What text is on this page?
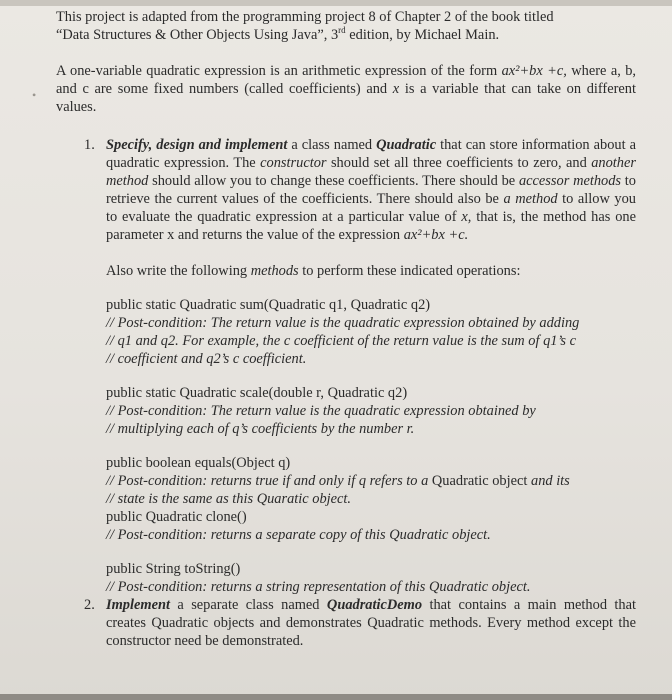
•

This project is adapted from the programming project 8 of Chapter 2 of the book titled
“Data Structures & Other Objects Using Java”, 3rd edition, by Michael Main.

A one-variable quadratic expression is an arithmetic expression of the form ax²+bx +c, where a, b, and c are some fixed numbers (called coefficients) and x is a variable that can take on different values.

1. Specify, design and implement a class named Quadratic that can store information about a quadratic expression. The constructor should set all three coefficients to zero, and another method should allow you to change these coefficients. There should be accessor methods to retrieve the current values of the coefficients. There should also be a method to allow you to evaluate the quadratic expression at a particular value of x, that is, the method has one parameter x and returns the value of the expression ax²+bx +c.

Also write the following methods to perform these indicated operations:

public static Quadratic sum(Quadratic q1, Quadratic q2)
// Post-condition: The return value is the quadratic expression obtained by adding
// q1 and q2. For example, the c coefficient of the return value is the sum of q1’s c
// coefficient and q2’s c coefficient.
public static Quadratic scale(double r, Quadratic q2)
// Post-condition: The return value is the quadratic expression obtained by
// multiplying each of q’s coefficients by the number r.
public boolean equals(Object q)
// Post-condition: returns true if and only if q refers to a Quadratic object and its
// state is the same as this Quaratic object.
public Quadratic clone()
// Post-condition: returns a separate copy of this Quadratic object.
public String toString()
// Post-condition: returns a string representation of this Quadratic object.
2. Implement a separate class named QuadraticDemo that contains a main method that creates Quadratic objects and demonstrates Quadratic methods. Every method except the constructor need be demonstrated.
